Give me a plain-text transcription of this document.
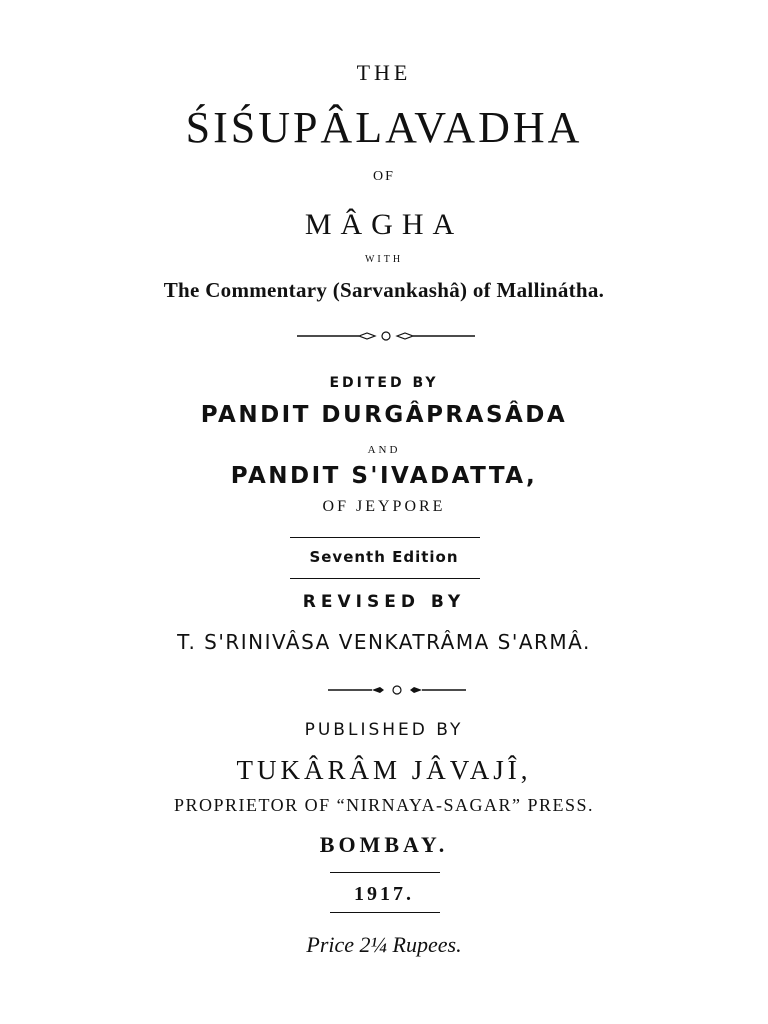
THE
ŚIŚUPÂLAVADHA
OF
MÂGHA
WITH
The Commentary (Sarvankashâ) of Mallinátha.
EDITED BY
PANDIT DURGÂPRASÂDA
AND
PANDIT S'IVADATTA,
OF JEYPORE
Seventh Edition
REVISED BY
T. S'RINIVÂSA VENKATRÂMA S'ARMÂ.
PUBLISHED BY
TUKÂRÂM JÂVAJÎ,
PROPRIETOR OF “NIRNAYA-SAGAR” PRESS.
BOMBAY.
1917.
Price 2¼ Rupees.
